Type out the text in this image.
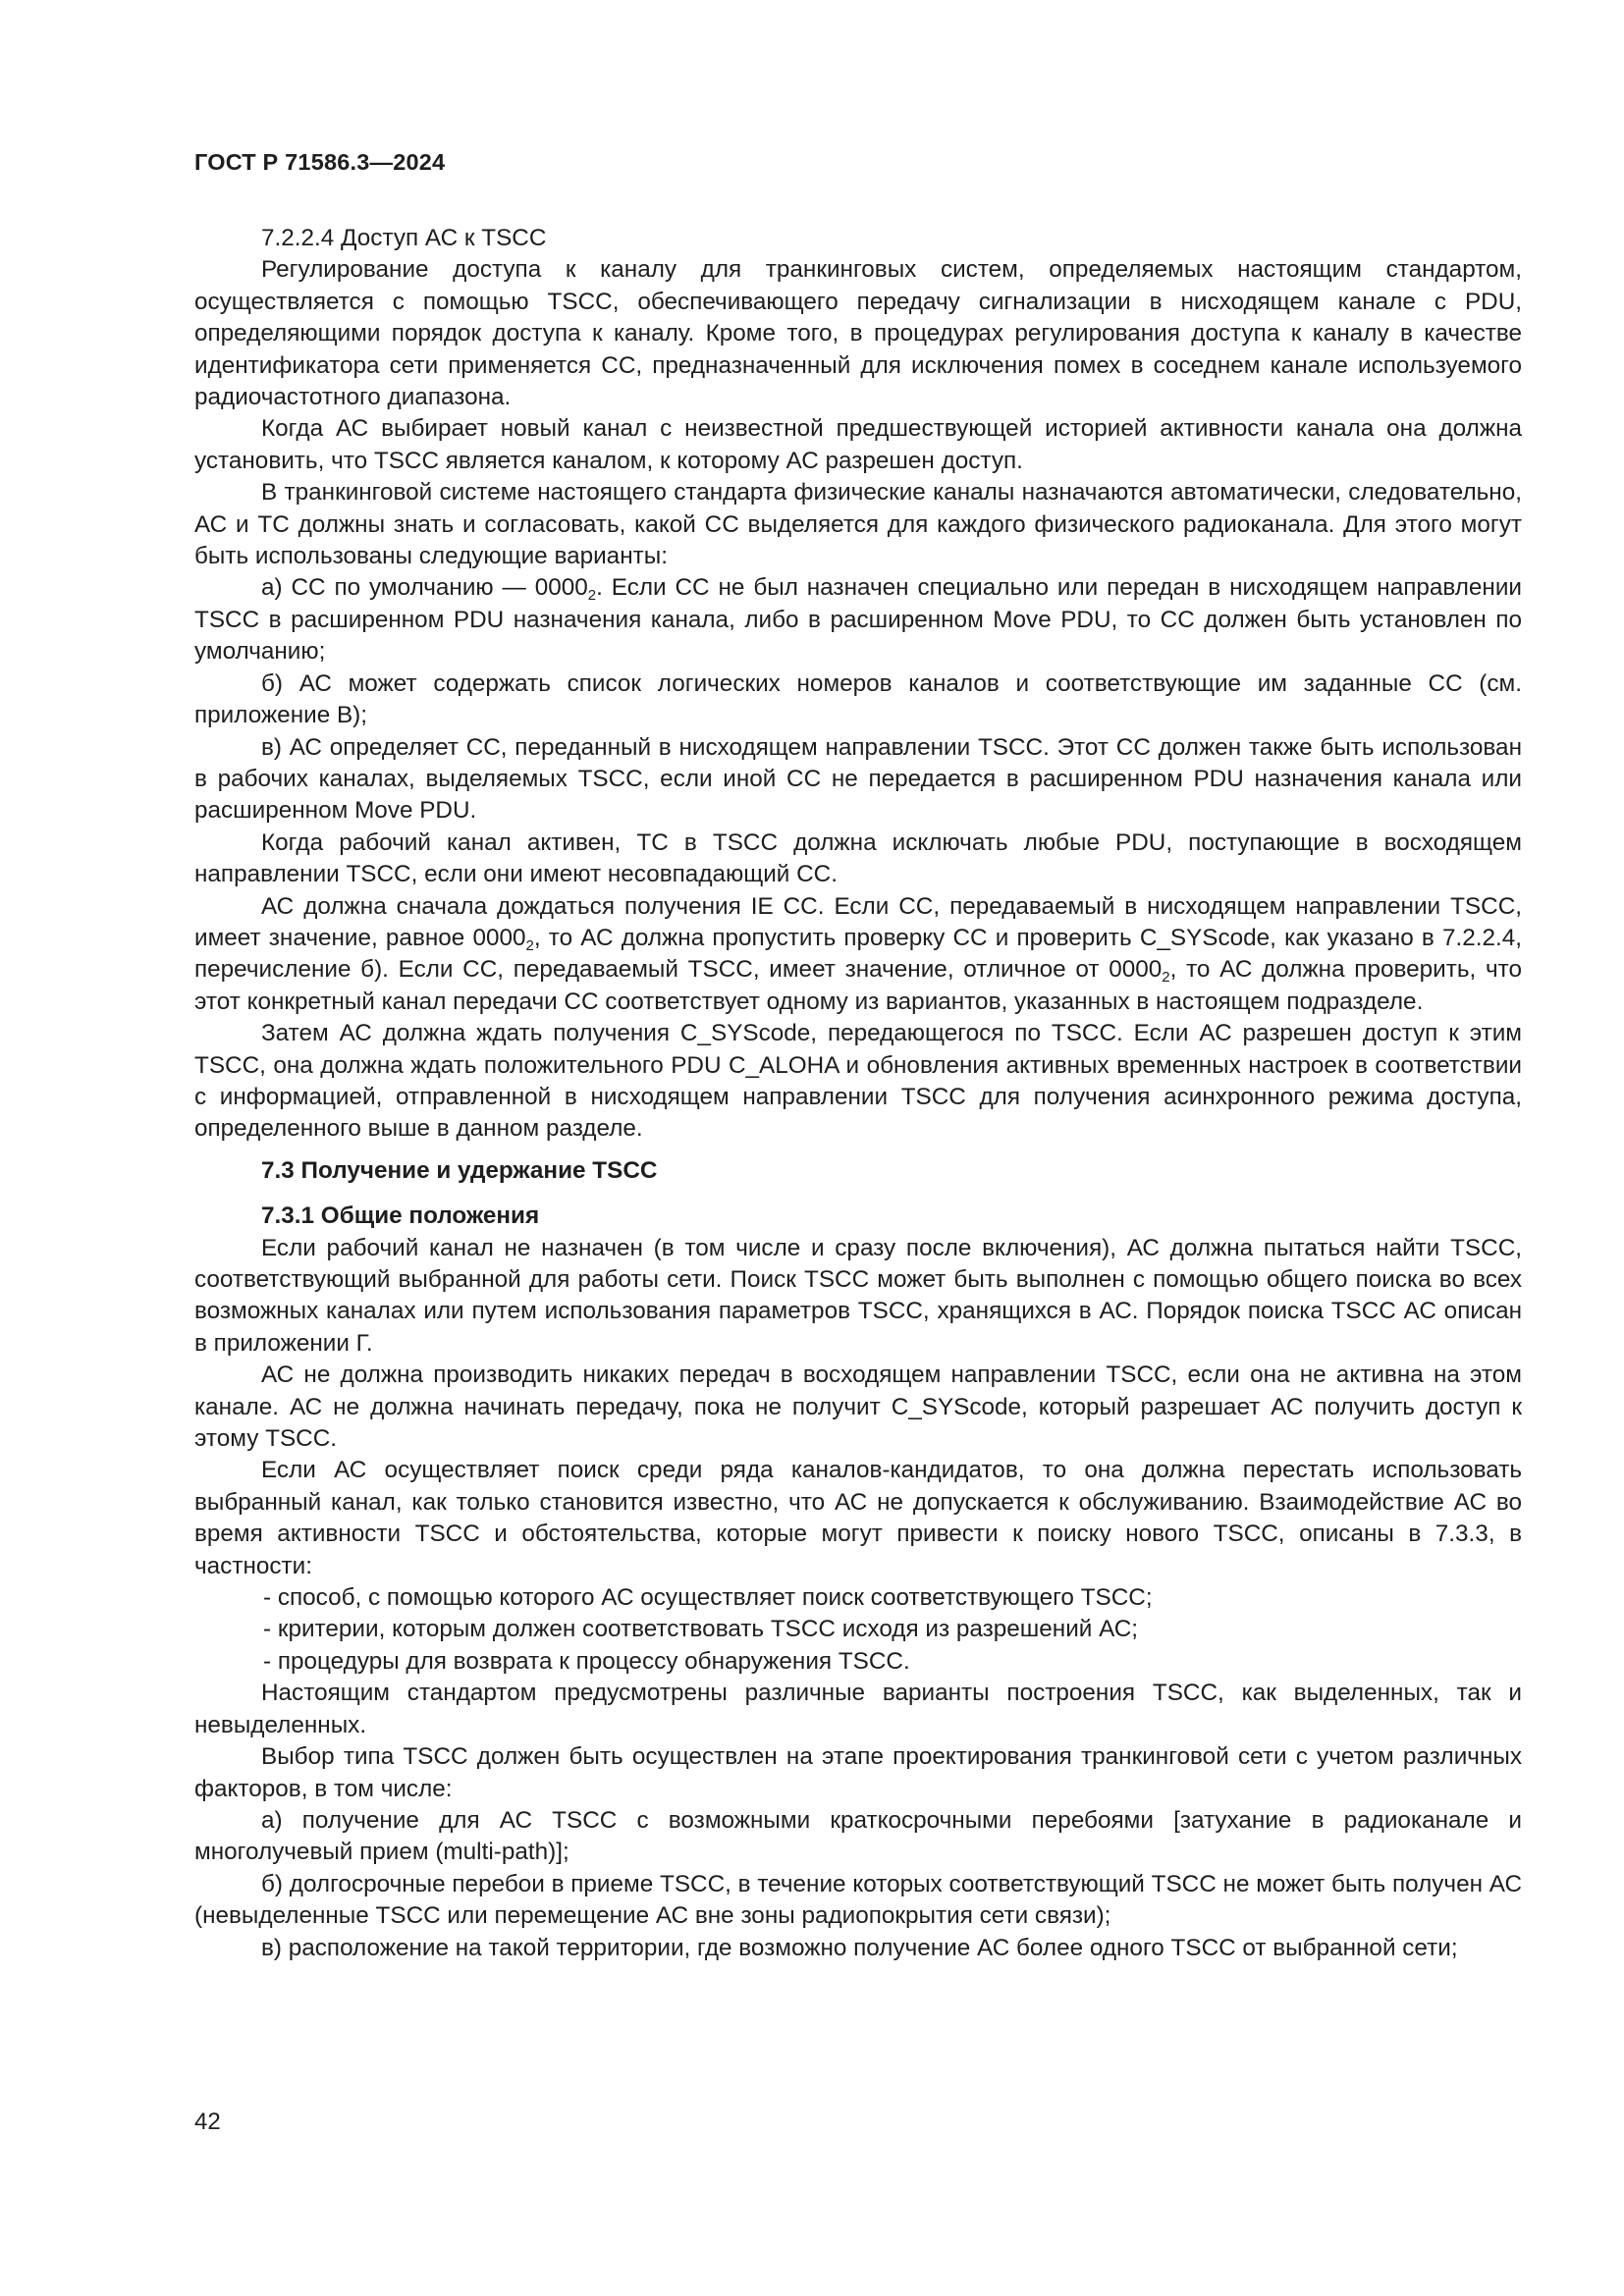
ГОСТ Р 71586.3—2024

7.2.2.4 Доступ АС к TSCC

Регулирование доступа к каналу для транкинговых систем, определяемых настоящим стандартом, осуществляется с помощью TSCC, обеспечивающего передачу сигнализации в нисходящем канале с PDU, определяющими порядок доступа к каналу. Кроме того, в процедурах регулирования доступа к каналу в качестве идентификатора сети применяется CC, предназначенный для исключения помех в соседнем канале используемого радиочастотного диапазона.

Когда АС выбирает новый канал с неизвестной предшествующей историей активности канала она должна установить, что TSCC является каналом, к которому АС разрешен доступ.

В транкинговой системе настоящего стандарта физические каналы назначаются автоматически, следовательно, АС и ТС должны знать и согласовать, какой CC выделяется для каждого физического радиоканала. Для этого могут быть использованы следующие варианты:

а) CC по умолчанию — $0000_2$. Если CC не был назначен специально или передан в нисходящем направлении TSCC в расширенном PDU назначения канала, либо в расширенном Move PDU, то CC должен быть установлен по умолчанию;

б) АС может содержать список логических номеров каналов и соответствующие им заданные CC (см. приложение В);

в) АС определяет CC, переданный в нисходящем направлении TSCC. Этот CC должен также быть использован в рабочих каналах, выделяемых TSCC, если иной CC не передается в расширенном PDU назначения канала или расширенном Move PDU.

Когда рабочий канал активен, ТС в TSCC должна исключать любые PDU, поступающие в восходящем направлении TSCC, если они имеют несовпадающий CC.

АС должна сначала дождаться получения IE CC. Если CC, передаваемый в нисходящем направлении TSCC, имеет значение, равное $0000_2$, то АС должна пропустить проверку CC и проверить C_SYScode, как указано в 7.2.2.4, перечисление б). Если CC, передаваемый TSCC, имеет значение, отличное от $0000_2$, то АС должна проверить, что этот конкретный канал передачи CC соответствует одному из вариантов, указанных в настоящем подразделе.

Затем АС должна ждать получения C_SYScode, передающегося по TSCC. Если АС разрешен доступ к этим TSCC, она должна ждать положительного PDU C_ALOHA и обновления активных временных настроек в соответствии с информацией, отправленной в нисходящем направлении TSCC для получения асинхронного режима доступа, определенного выше в данном разделе.

7.3 Получение и удержание TSCC
7.3.1 Общие положения

Если рабочий канал не назначен (в том числе и сразу после включения), АС должна пытаться найти TSCC, соответствующий выбранной для работы сети. Поиск TSCC может быть выполнен с помощью общего поиска во всех возможных каналах или путем использования параметров TSCC, хранящихся в АС. Порядок поиска TSCC АС описан в приложении Г.

АС не должна производить никаких передач в восходящем направлении TSCC, если она не активна на этом канале. АС не должна начинать передачу, пока не получит C_SYScode, который разрешает АС получить доступ к этому TSCC.

Если АС осуществляет поиск среди ряда каналов-кандидатов, то она должна перестать использовать выбранный канал, как только становится известно, что АС не допускается к обслуживанию. Взаимодействие АС во время активности TSCC и обстоятельства, которые могут привести к поиску нового TSCC, описаны в 7.3.3, в частности:

- способ, с помощью которого АС осуществляет поиск соответствующего TSCC;

- критерии, которым должен соответствовать TSCC исходя из разрешений АС;

- процедуры для возврата к процессу обнаружения TSCC.

Настоящим стандартом предусмотрены различные варианты построения TSCC, как выделенных, так и невыделенных.

Выбор типа TSCC должен быть осуществлен на этапе проектирования транкинговой сети с учетом различных факторов, в том числе:

а) получение для АС TSCC с возможными краткосрочными перебоями [затухание в радиоканале и многолучевый прием (multi-path)];

б) долгосрочные перебои в приеме TSCC, в течение которых соответствующий TSCC не может быть получен АС (невыделенные TSCC или перемещение АС вне зоны радиопокрытия сети связи);

в) расположение на такой территории, где возможно получение АС более одного TSCC от выбранной сети;

42
